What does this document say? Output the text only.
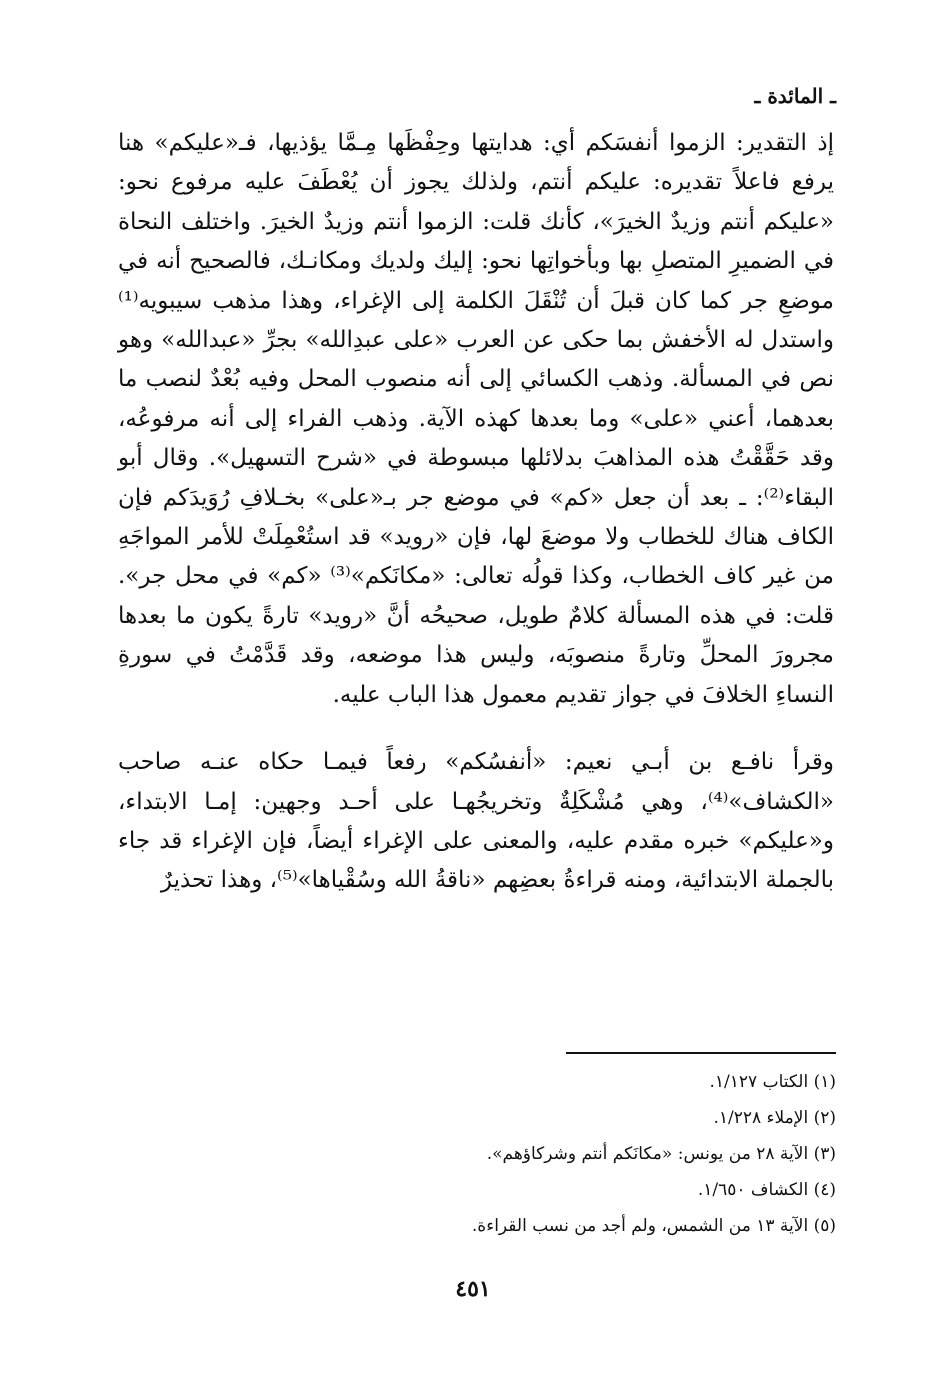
ـ المائدة ـ

إذ التقدير: الزموا أنفسَكم أي: هدايتها وحِفْظَها مِـمَّا يؤذيها، فـ«عليكم» هنا يرفع فاعلاً تقديره: عليكم أنتم، ولذلك يجوز أن يُعْطَفَ عليه مرفوع نحو: «عليكم أنتم وزيدٌ الخيرَ»، كأنك قلت: الزموا أنتم وزيدٌ الخيرَ. واختلف النحاة في الضميرِ المتصلِ بها وبأخواتِها نحو: إليك ولديك ومكانـك، فالصحيح أنه في موضعِ جر كما كان قبلَ أن تُنْقَلَ الكلمة إلى الإغراء، وهذا مذهب سيبويه⁽¹⁾ واستدل له الأخفش بما حكى عن العرب «على عبدِالله» بجرِّ «عبدالله» وهو نص في المسألة. وذهب الكسائي إلى أنه منصوب المحل وفيه بُعْدٌ لنصب ما بعدهما، أعني «على» وما بعدها كهذه الآية. وذهب الفراء إلى أنه مرفوعُه، وقد حَقَّقْتُ هذه المذاهبَ بدلائلها مبسوطة في «شرح التسهيل». وقال أبو البقاء⁽²⁾: ـ بعد أن جعل «كم» في موضع جر بـ«على» بخـلافِ رُوَيدَكم فإن الكاف هناك للخطاب ولا موضعَ لها، فإن «رويد» قد استُعْمِلَتْ للأمر المواجَهِ من غير كاف الخطاب، وكذا قولُه تعالى: «مكانَكم»⁽³⁾ «كم» في محل جر». قلت: في هذه المسألة كلامٌ طويل، صحيحُه أنَّ «رويد» تارةً يكون ما بعدها مجرورَ المحلِّ وتارةً منصوبَه، وليس هذا موضعه، وقد قَدَّمْتُ في سورةِ النساءِ الخلافَ في جواز تقديم معمول هذا الباب عليه.

وقرأ نافـع بن أبـي نعيم: «أنفسُكم» رفعاً فيمـا حكاه عنـه صاحب «الكشاف»⁽⁴⁾، وهي مُشْكَلِةٌ وتخريجُهـا على أحـد وجهين: إمـا الابتداء، و«عليكم» خبره مقدم عليه، والمعنى على الإغراء أيضاً، فإن الإغراء قد جاء بالجملة الابتدائية، ومنه قراءةُ بعضِهم «ناقةُ الله وسُقْياها»⁽⁵⁾، وهذا تحذيرٌ

(١) الكتاب ١/١٢٧.
(٢) الإملاء ١/٢٢٨.
(٣) الآية ٢٨ من يونس: «مكانَكم أنتم وشركاؤهم».
(٤) الكشاف ١/٦٥٠.
(٥) الآية ١٣ من الشمس، ولم أجد من نسب القراءة.
٤٥١
